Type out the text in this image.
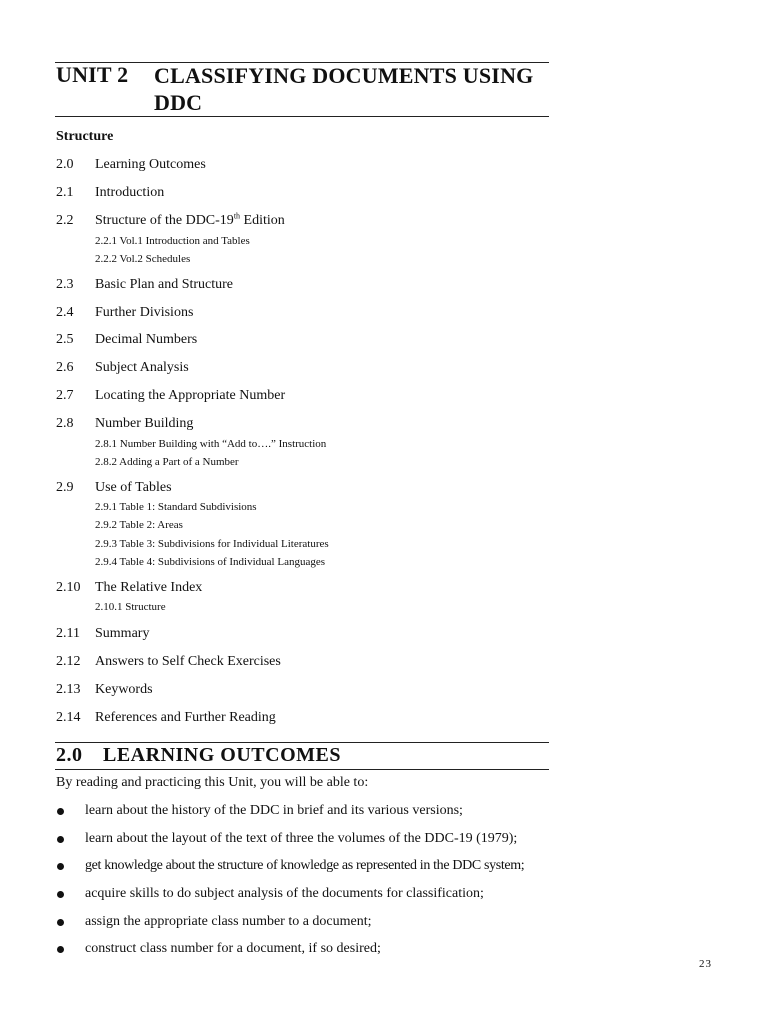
UNIT 2 CLASSIFYING DOCUMENTS USING
DDC
Structure
2.0 Learning Outcomes
2.1 Introduction
2.2 Structure of the DDC-19th Edition
2.2.1 Vol.1 Introduction and Tables
2.2.2 Vol.2 Schedules
2.3 Basic Plan and Structure
2.4 Further Divisions
2.5 Decimal Numbers
2.6 Subject Analysis
2.7 Locating the Appropriate Number
2.8 Number Building
2.8.1 Number Building with “Add to….” Instruction
2.8.2 Adding a Part of a Number
2.9 Use of Tables
2.9.1 Table 1: Standard Subdivisions
2.9.2 Table 2: Areas
2.9.3 Table 3: Subdivisions for Individual Literatures
2.9.4 Table 4: Subdivisions of Individual Languages
2.10 The Relative Index
2.10.1 Structure
2.11 Summary
2.12 Answers to Self Check Exercises
2.13 Keywords
2.14 References and Further Reading
2.0 LEARNING OUTCOMES
By reading and practicing this Unit, you will be able to:
learn about the history of the DDC in brief and its various versions;
learn about the layout of the text of three the volumes of the DDC-19 (1979);
get knowledge about the structure of knowledge as represented in the DDC system;
acquire skills to do subject analysis of the documents for classification;
assign the appropriate class number to a document;
construct class number for a document, if so desired;
23
